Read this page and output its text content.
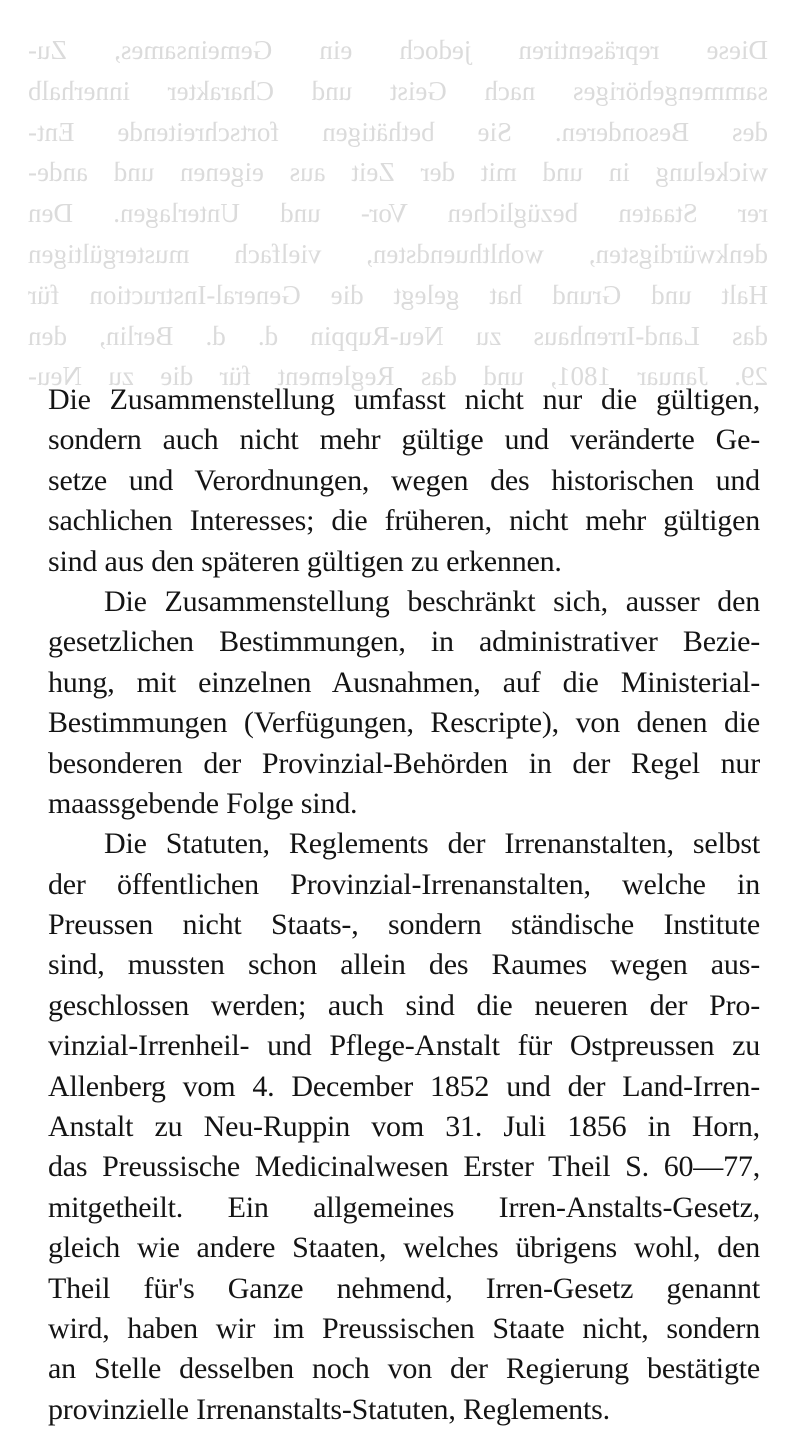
Diese repräsentiren jedoch ein Gemeinsames, Zu-
sammengehöriges nach Geist und Charakter innerhalb
des Besonderen. Sie bethätigen fortschreitende Ent-
wickelung in und mit der Zeit aus eigenen und ande-
rer Staaten bezüglichen Vor- und Unterlagen. Den
denkwürdigsten, wohlthuendsten, vielfach mustergültigen
Halt und Grund hat gelegt die General-Instruction für
das Land-Irrenhaus zu Neu-Ruppin d. d. Berlin, den
29. Januar 1801, und das Reglement für die zu Neu-
Die Zusammenstellung umfasst nicht nur die gültigen,
sondern auch nicht mehr gültige und veränderte Ge-
setze und Verordnungen, wegen des historischen und
sachlichen Interesses; die früheren, nicht mehr gültigen
sind aus den späteren gültigen zu erkennen.
Die Zusammenstellung beschränkt sich, ausser den
gesetzlichen Bestimmungen, in administrativer Bezie-
hung, mit einzelnen Ausnahmen, auf die Ministerial-
Bestimmungen (Verfügungen, Rescripte), von denen die
besonderen der Provinzial-Behörden in der Regel nur
maassgebende Folge sind.
Die Statuten, Reglements der Irrenanstalten, selbst
der öffentlichen Provinzial-Irrenanstalten, welche in
Preussen nicht Staats-, sondern ständische Institute
sind, mussten schon allein des Raumes wegen aus-
geschlossen werden; auch sind die neueren der Pro-
vinzial-Irrenheil- und Pflege-Anstalt für Ostpreussen zu
Allenberg vom 4. December 1852 und der Land-Irren-
Anstalt zu Neu-Ruppin vom 31. Juli 1856 in Horn,
das Preussische Medicinalwesen Erster Theil S. 60—77,
mitgetheilt. Ein allgemeines Irren-Anstalts-Gesetz,
gleich wie andere Staaten, welches übrigens wohl, den
Theil für's Ganze nehmend, Irren-Gesetz genannt
wird, haben wir im Preussischen Staate nicht, sondern
an Stelle desselben noch von der Regierung bestätigte
provinzielle Irrenanstalts-Statuten, Reglements.
